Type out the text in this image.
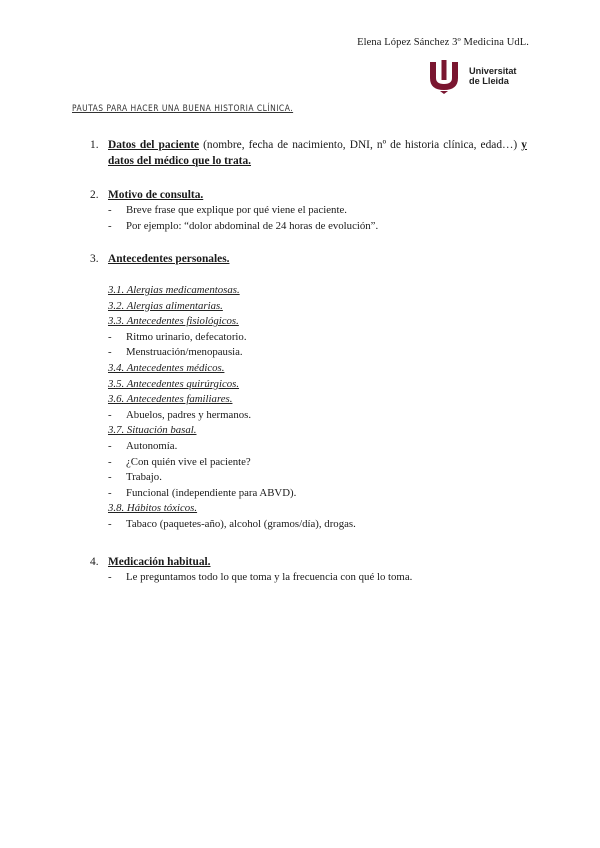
Elena López Sánchez 3º Medicina UdL.
Universitat
de Lleida
PAUTAS PARA HACER UNA BUENA HISTORIA CLÍNICA.
1. Datos del paciente (nombre, fecha de nacimiento, DNI, nº de historia clínica, edad…) y datos del médico que lo trata.
2. Motivo de consulta.
- Breve frase que explique por qué viene el paciente.
- Por ejemplo: “dolor abdominal de 24 horas de evolución”.
3. Antecedentes personales.
3.1. Alergias medicamentosas.
3.2. Alergias alimentarias.
3.3. Antecedentes fisiológicos.
- Ritmo urinario, defecatorio.
- Menstruación/menopausia.
3.4. Antecedentes médicos.
3.5. Antecedentes quirúrgicos.
3.6. Antecedentes familiares.
- Abuelos, padres y hermanos.
3.7. Situación basal.
- Autonomía.
- ¿Con quién vive el paciente?
- Trabajo.
- Funcional (independiente para ABVD).
3.8. Hábitos tóxicos.
- Tabaco (paquetes-año), alcohol (gramos/día), drogas.
4. Medicación habitual.
- Le preguntamos todo lo que toma y la frecuencia con qué lo toma.
